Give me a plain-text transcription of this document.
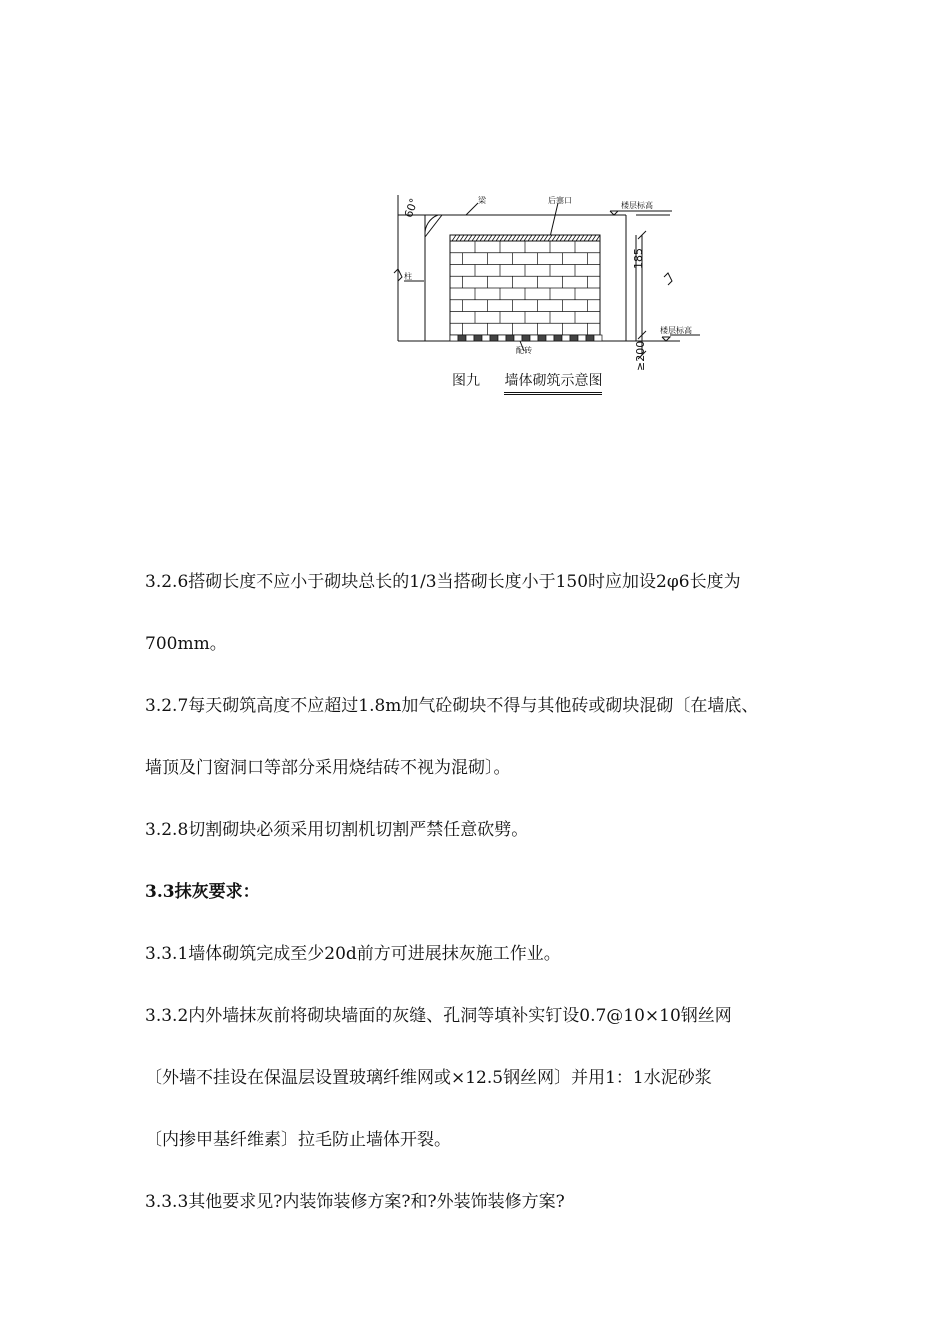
梁	后塞口
楼层标高
柱
楼层标高
配砖
60°
185
≥200
图九 墙体砌筑示意图
3.2.6搭砌长度不应小于砌块总长的1/3当搭砌长度小于150时应加设2φ6长度为
700mm。
3.2.7每天砌筑高度不应超过1.8m加气砼砌块不得与其他砖或砌块混砌〔在墙底、
墙顶及门窗洞口等部分采用烧结砖不视为混砌〕。
3.2.8切割砌块必须采用切割机切割严禁任意砍劈。
3.3抹灰要求：
3.3.1墙体砌筑完成至少20d前方可进展抹灰施工作业。
3.3.2内外墙抹灰前将砌块墙面的灰缝、孔洞等填补实钉设0.7@10×10钢丝网
〔外墙不挂设在保温层设置玻璃纤维网或×12.5钢丝网〕并用1：1水泥砂浆
〔内掺甲基纤维素〕拉毛防止墙体开裂。
3.3.3其他要求见?内装饰装修方案?和?外装饰装修方案?
